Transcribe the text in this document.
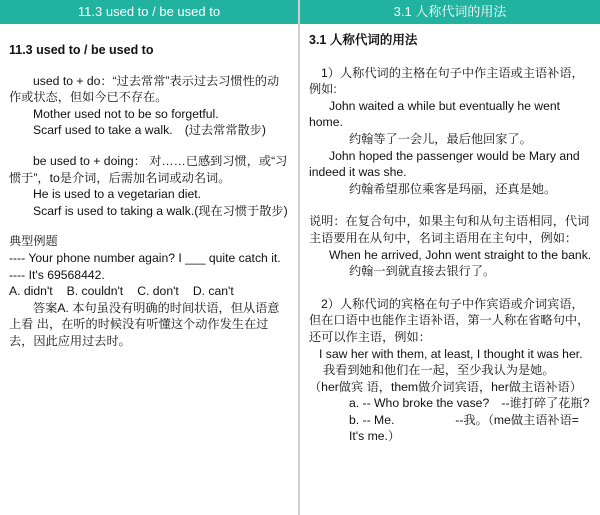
11.3 used to / be used to
11.3 used to / be used to
used to + do：“过去常常”表示过去习惯性的动作或状态，但如今已不存在。
Mother used not to be so forgetful.
Scarf used to take a walk.　(过去常常散步)
be used to + doing： 对……已感到习惯，或“习惯于”，to是介词，后需加名词或动名词。
He is used to a vegetarian diet.
Scarf is used to taking a walk.(现在习惯于散步)
典型例题
---- Your phone number again? I ___ quite catch it.
---- It's 69568442.
A. didn't B. couldn't C. don't D. can't
答案A. 本句虽没有明确的时间状语，但从语意上看 出，在听的时候没有听懂这个动作发生在过去，因此应用过去时。
3.1 人称代词的用法
3.1 人称代词的用法
1）人称代词的主格在句子中作主语或主语补语，例如:
John waited a while but eventually he went home.
约翰等了一会儿，最后他回家了。
John hoped the passenger would be Mary and indeed it was she.
约翰希望那位乘客是玛丽，还真是她。
说明：在复合句中，如果主句和从句主语相同，代词主语要用在从句中，名词主语用在主句中，例如：
When he arrived, John went straight to the bank.
约翰一到就直接去银行了。
2）人称代词的宾格在句子中作宾语或介词宾语，但在口语中也能作主语补语，第一人称在省略句中，还可以作主语，例如：
I saw her with them, at least, I thought it was her.
我看到她和他们在一起，至少我认为是她。
（her做宾 语，them做介词宾语，her做主语补语）
a. -- Who broke the vase?　--谁打碎了花瓶?
b. -- Me.　　　　　--我。（me做主语补语= It's me.）
